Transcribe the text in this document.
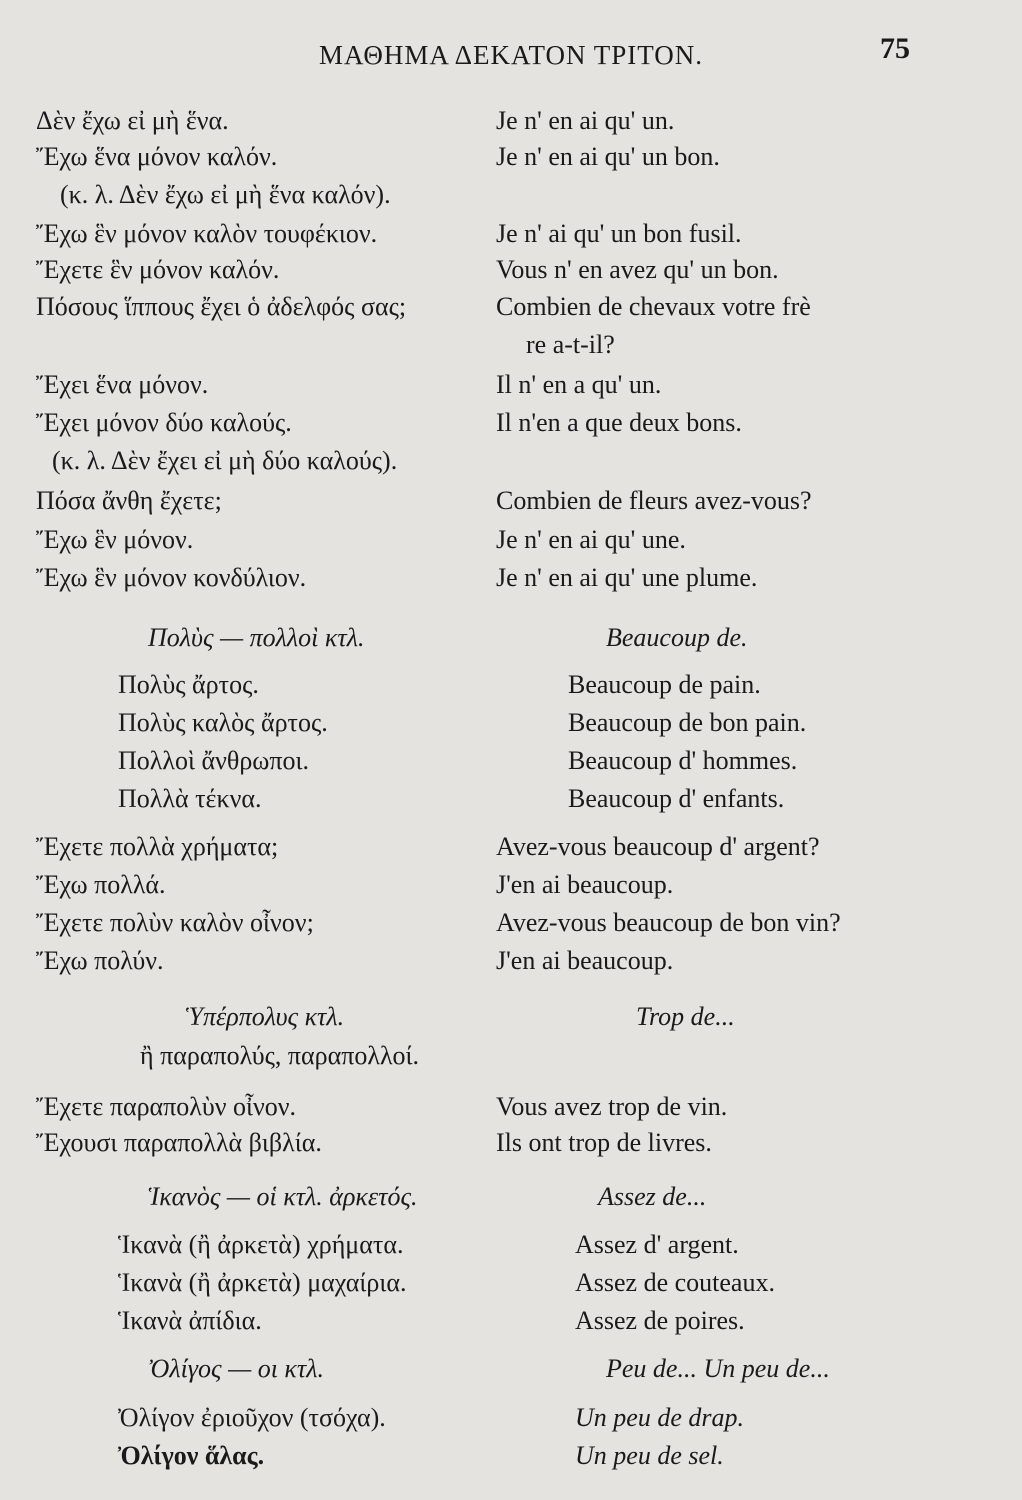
ΜΑΘΗΜΑ ΔΕΚΑΤΟΝ ΤΡΙΤΟΝ.	75
Δὲν ἔχω εἰ μὴ ἕνα.	Je n' en ai qu' un.
Ἔχω ἕνα μόνον καλόν.	Je n' en ai qu' un bon.
(κ. λ. Δὲν ἔχω εἰ μὴ ἕνα καλόν).
Ἔχω ἓν μόνον καλὸν τουφέκιον.	Je n' ai qu' un bon fusil.
Ἔχετε ἓν μόνον καλόν.	Vous n' en avez qu' un bon.
Πόσους ἵππους ἔχει ὁ ἀδελφός σας;	Combien de chevaux votre frè
re a-t-il?
Ἔχει ἕνα μόνον.	Il n' en a qu' un.
Ἔχει μόνον δύο καλούς.	Il n'en a que deux bons.
(κ. λ. Δὲν ἔχει εἰ μὴ δύο καλούς).
Πόσα ἄνθη ἔχετε;	Combien de fleurs avez-vous?
Ἔχω ἓν μόνον.	Je n' en ai qu' une.
Ἔχω ἓν μόνον κονδύλιον.	Je n' en ai qu' une plume.
Πολὺς — πολλοὶ κτλ.	Beaucoup de.
Πολὺς ἄρτος.	Beaucoup de pain.
Πολὺς καλὸς ἄρτος.	Beaucoup de bon pain.
Πολλοὶ ἄνθρωποι.	Beaucoup d' hommes.
Πολλὰ τέκνα.	Beaucoup d' enfants.
Ἔχετε πολλὰ χρήματα;	Avez-vous beaucoup d' argent?
Ἔχω πολλά.	J'en ai beaucoup.
Ἔχετε πολὺν καλὸν οἶνον;	Avez-vous beaucoup de bon vin?
Ἔχω πολύν.	J'en ai beaucoup.
Ὑπέρπολυς κτλ.	Trop de...
ἢ παραπολύς, παραπολλοί.
Ἔχετε παραπολὺν οἶνον.	Vous avez trop de vin.
Ἔχουσι παραπολλὰ βιβλία.	Ils ont trop de livres.
Ἱκανὸς — οἱ κτλ. ἀρκετός.	Assez de...
Ἱκανὰ (ἢ ἀρκετὰ) χρήματα.	Assez d' argent.
Ἱκανὰ (ἢ ἀρκετὰ) μαχαίρια.	Assez de couteaux.
Ἱκανὰ ἀπίδια.	Assez de poires.
Ὀλίγος — οι κτλ.	Peu de... Un peu de...
Ὀλίγον ἐριοῦχον (τσόχα).	Un peu de drap.
Ὀλίγον ἅλας.	Un peu de sel.
